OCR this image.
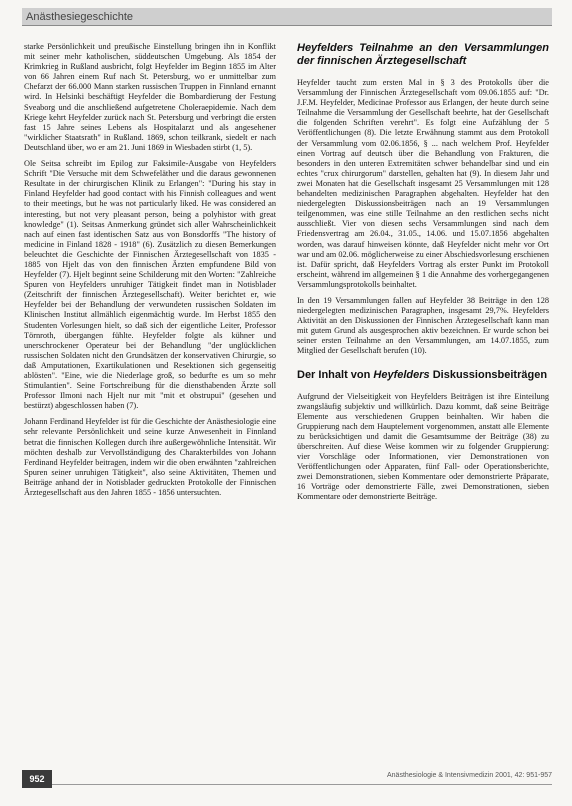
Anästhesiegeschichte

starke Persönlichkeit und preußische Einstellung bringen ihn in Konflikt mit seiner mehr katholischen, süddeutschen Umgebung. Als 1854 der Krimkrieg in Rußland ausbricht, folgt Heyfelder im Beginn 1855 im Alter von 66 Jahren einem Ruf nach St. Petersburg, wo er unmittelbar zum Chefarzt der 66.000 Mann starken russischen Truppen in Finnland ernannt wird. In Helsinki beschäftigt Heyfelder die Bombardierung der Festung Sveaborg und die anschließend aufgetretene Choleraepidemie. Nach dem Kriege kehrt Heyfelder zurück nach St. Petersburg und verbringt die ersten fast 15 Jahre seines Lebens als Hospitalarzt und als angesehener "wirklicher Staatsrath" in Rußland. 1869, schon teilkrank, siedelt er nach Deutschland über, wo er am 21. Juni 1869 in Wiesbaden stirbt (1, 5).

Ole Seitsa schreibt im Epilog zur Faksimile-Ausgabe von Heyfelders Schrift "Die Versuche mit dem Schwefeläther und die daraus gewonnenen Resultate in der chirurgischen Klinik zu Erlangen": "During his stay in Finland Heyfelder had good contact with his Finnish colleagues and went to their meetings, but he was not particularly liked. He was considered an interesting, but not very pleasant person, being a polyhistor with great knowledge" (1). Seitsas Anmerkung gründet sich aller Wahrscheinlichkeit nach auf einen fast identischen Satz aus von Bonsdorffs "The history of medicine in Finland 1828 - 1918" (6). Zusätzlich zu diesen Bemerkungen beleuchtet die Geschichte der Finnischen Ärztegesellschaft von 1835 - 1885 von Hjelt das von den finnischen Ärzten empfundene Bild von Heyfelder (7). Hjelt beginnt seine Schilderung mit den Worten: "Zahlreiche Spuren von Heyfelders unruhiger Tätigkeit findet man in Notisblader (Zeitschrift der finnischen Ärztegesellschaft). Weiter berichtet er, wie Heyfelder bei der Behandlung der verwundeten russischen Soldaten im Klinischen Institut allmählich eigenmächtig wurde. Im Herbst 1855 den Studenten Vorlesungen hielt, so daß sich der eigentliche Leiter, Professor Törnroth, übergangen fühlte. Heyfelder folgte als kühner und unerschrockener Operateur bei der Behandlung "der unglücklichen russischen Soldaten nicht den Grundsätzen der konservativen Chirurgie, so daß Amputationen, Exartikulationen und Resektionen sich gegenseitig ablösten". "Eine, wie die Niederlage groß, so bedurfte es um so mehr Stimulantien". Seine Fortschreibung für die diensthabenden Ärzte soll Professor Ilmoni nach Hjelt nur mit "mit et obstrupui" (gesehen und bestürzt) abgeschlossen haben (7).

Johann Ferdinand Heyfelder ist für die Geschichte der Anästhesiologie eine sehr relevante Persönlichkeit und seine kurze Anwesenheit in Finnland betrat die finnischen Kollegen durch ihre außergewöhnliche Intensität. Wir möchten deshalb zur Vervollständigung des Charakterbildes von Johann Ferdinand Heyfelder beitragen, indem wir die oben erwähnten "zahlreichen Spuren seiner unruhigen Tätigkeit", also seine Aktivitäten, Themen und Beiträge anhand der in Notisblader gedruckten Protokolle der Finnischen Ärztegesellschaft aus den Jahren 1855 - 1856 untersuchten.

Heyfelders Teilnahme an den Versammlungen der finnischen Ärztegesellschaft

Heyfelder taucht zum ersten Mal in § 3 des Protokolls über die Versammlung der Finnischen Ärztegesellschaft vom 09.06.1855 auf: "Dr. J.F.M. Heyfelder, Medicinae Professor aus Erlangen, der heute durch seine Teilnahme die Versammlung der Gesellschaft beehrte, hat der Gesellschaft die folgenden Schriften verehrt". Es folgt eine Aufzählung der 5 Veröffentlichungen (8). Die letzte Erwähnung stammt aus dem Protokoll der Versammlung vom 02.06.1856, § ... nach welchem Prof. Heyfelder einen Vortrag auf deutsch über die Behandlung von Frakturen, die besonders in den unteren Extremitäten schwer behandelbar sind und ein echtes "crux chirurgorum" darstellen, gehalten hat (9). In diesem Jahr und zwei Monaten hat die Gesellschaft insgesamt 25 Versammlungen mit 128 behandelten medizinischen Paragraphen abgehalten. Heyfelder hat den niedergelegten Diskussionsbeiträgen nach an 19 Versammlungen teilgenommen, was eine stille Teilnahme an den restlichen sechs nicht ausschließt. Vier von diesen sechs Versammlungen sind nach dem Friedensvertrag am 26.04., 31.05., 14.06. und 15.07.1856 abgehalten worden, was darauf hinweisen könnte, daß Heyfelder nicht mehr vor Ort war und am 02.06. möglicherweise zu einer Abschiedsvorlesung erschienen ist. Dafür spricht, daß Heyfelders Vortrag als erster Punkt im Protokoll erscheint, während im allgemeinen § 1 die Annahme des vorhergegangenen Versammlungsprotokolls beinhaltet.

In den 19 Versammlungen fallen auf Heyfelder 38 Beiträge in den 128 niedergelegten medizinischen Paragraphen, insgesamt 29,7%. Heyfelders Aktivität an den Diskussionen der Finnischen Ärztegesellschaft kann man mit gutem Grund als ausgesprochen aktiv bezeichnen. Er wurde schon bei seiner ersten Teilnahme an den Versammlungen, am 14.07.1855, zum Mitglied der Gesellschaft berufen (10).

Der Inhalt von Heyfelders Diskussionsbeiträgen

Aufgrund der Vielseitigkeit von Heyfelders Beiträgen ist ihre Einteilung zwangsläufig subjektiv und willkürlich. Dazu kommt, daß seine Beiträge Elemente aus verschiedenen Gruppen beinhalten. Wir haben die Gruppierung nach dem Hauptelement vorgenommen, anstatt alle Elemente zu berücksichtigen und damit die Gesamtsumme der Beiträge (38) zu überschreiten. Auf diese Weise kommen wir zu folgender Gruppierung: vier Vorschläge oder Informationen, vier Demonstrationen von Veröffentlichungen oder Apparaten, fünf Fall- oder Operationsberichte, zwei Demonstrationen, sieben Kommentare oder demonstrierte Präparate, 16 Vorträge oder demonstrierte Fälle, zwei Demonstrationen, sieben Kommentare oder demonstrierte Beiträge.

952	Anästhesiologie & Intensivmedizin 2001, 42: 951-957
